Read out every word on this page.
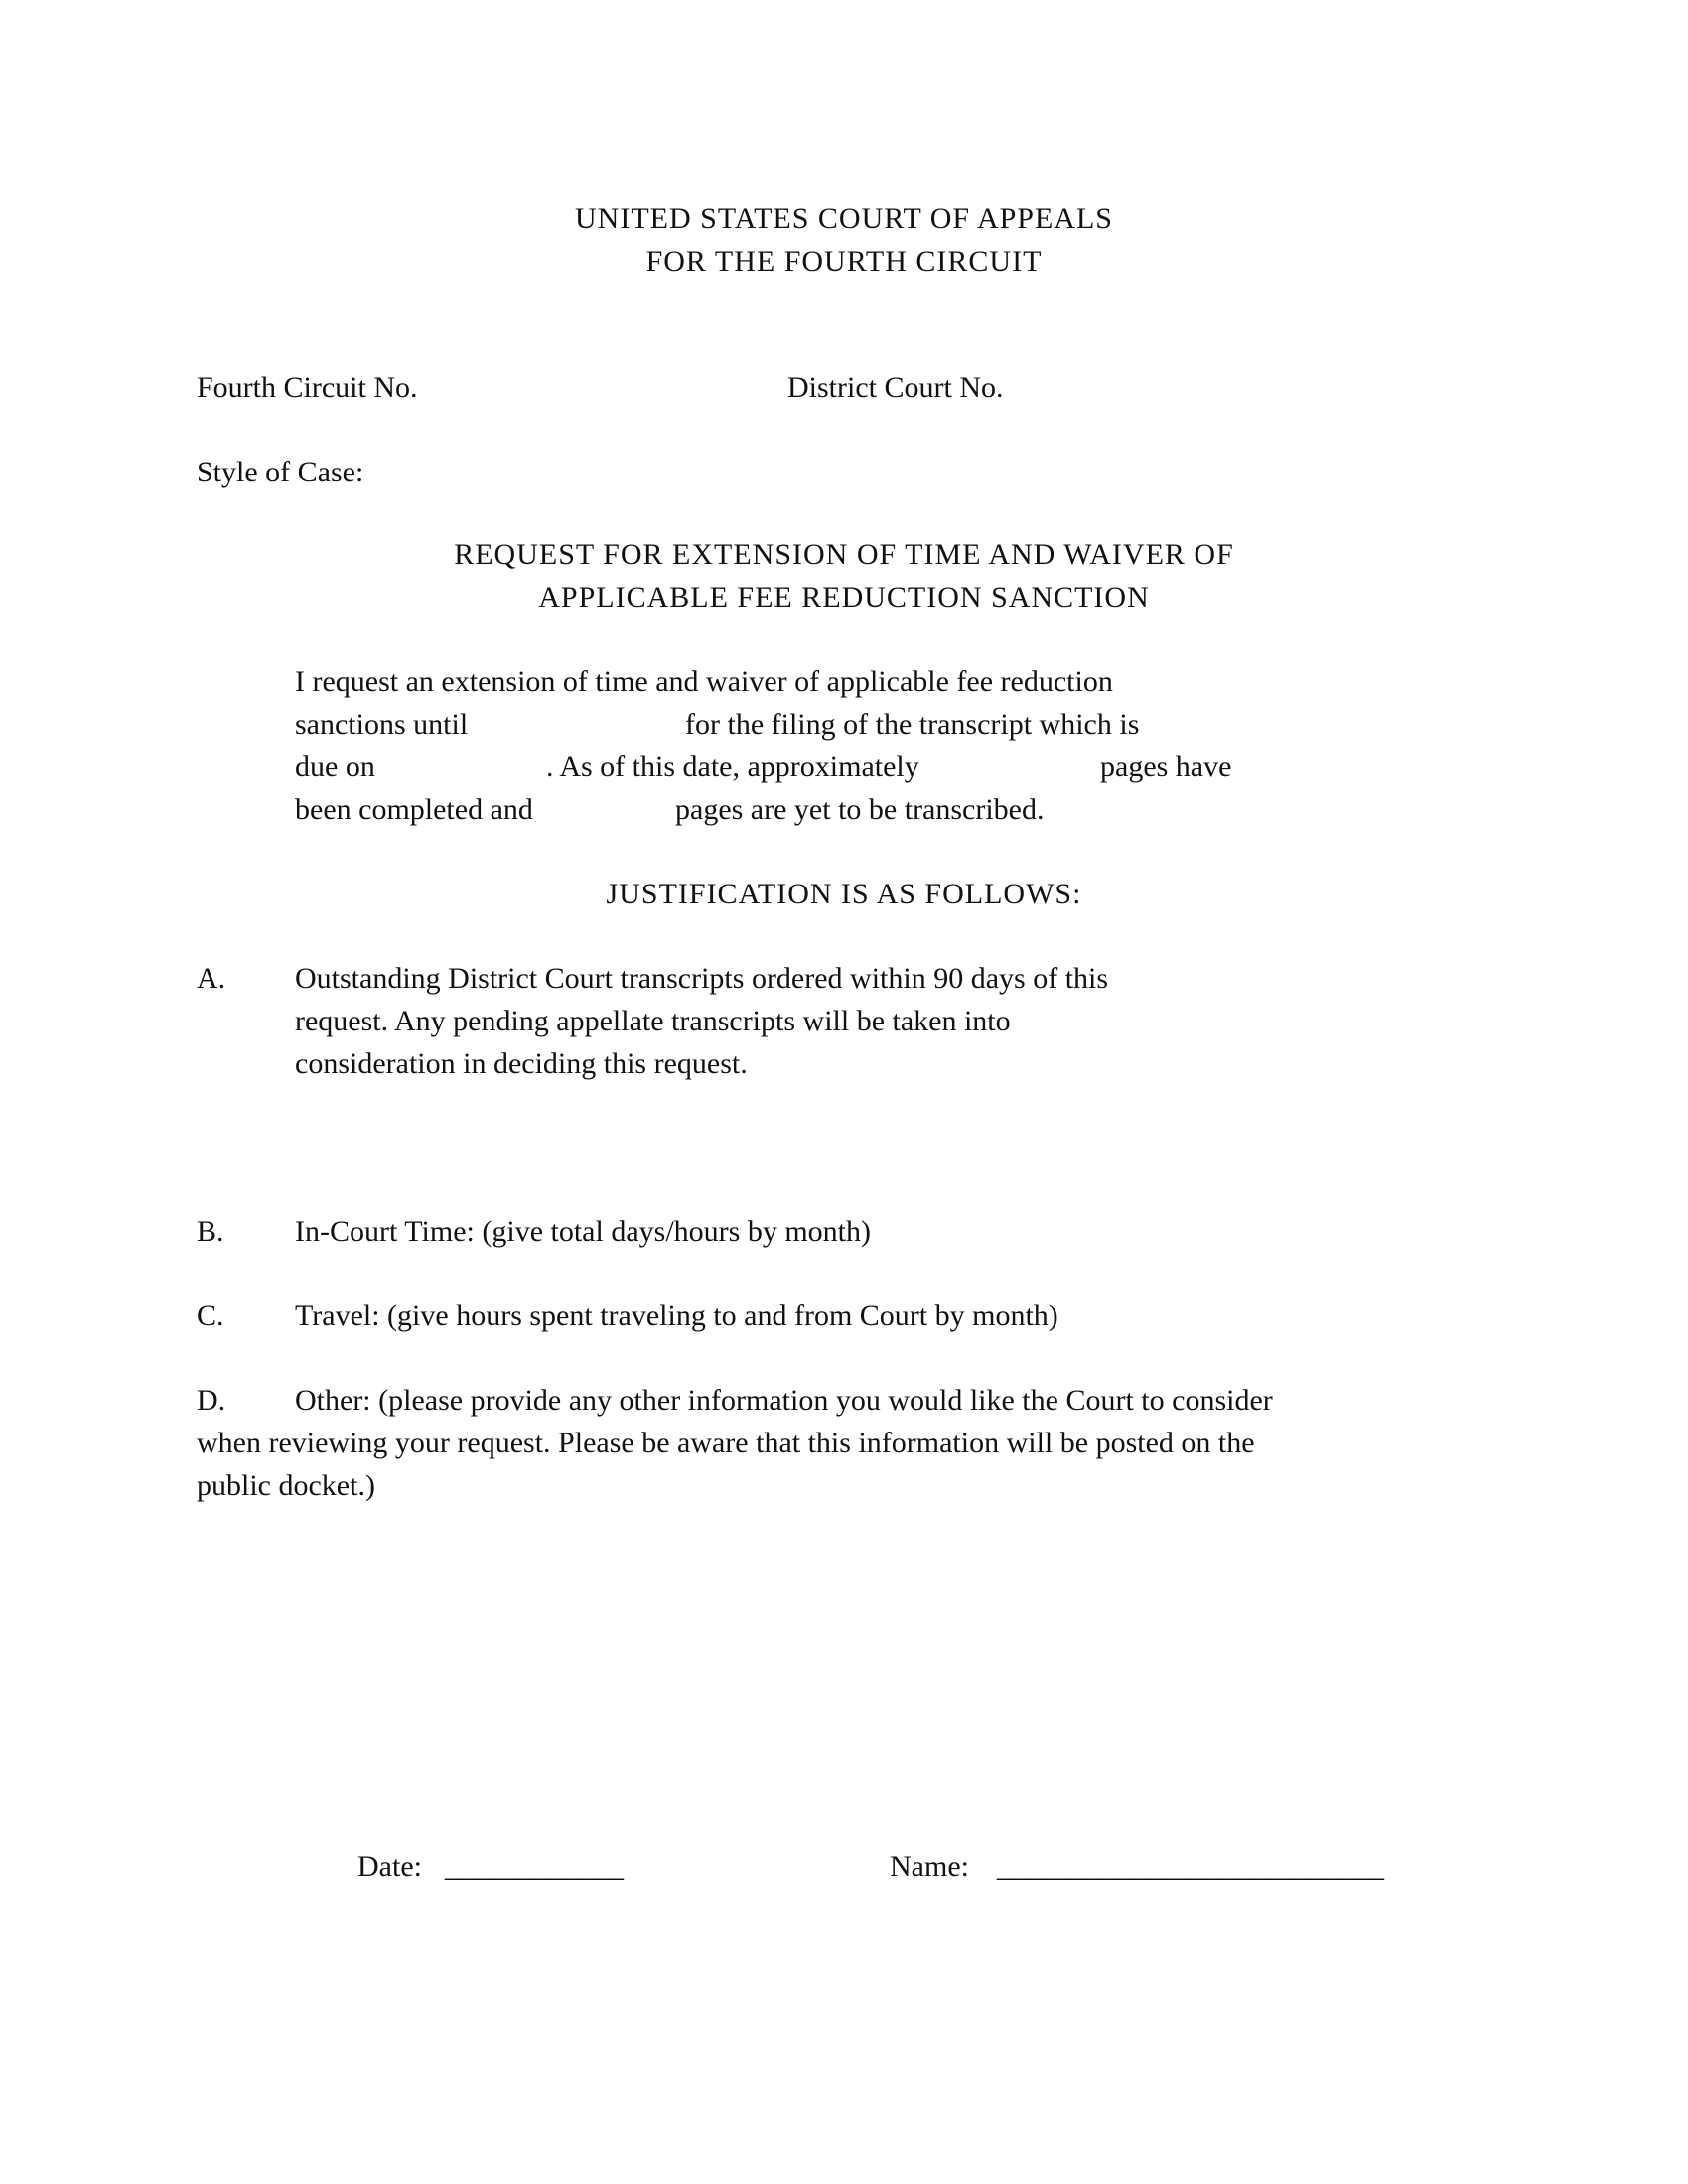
UNITED STATES COURT OF APPEALS
FOR THE FOURTH CIRCUIT
Fourth Circuit No.	District Court No.
Style of Case:
REQUEST FOR EXTENSION OF TIME AND WAIVER OF
APPLICABLE FEE REDUCTION SANCTION
I request an extension of time and waiver of applicable fee reduction
sanctions until	for the filing of the transcript which is
due on	. As of this date, approximately	pages have
been completed and	pages are yet to be transcribed.
JUSTIFICATION IS AS FOLLOWS:
A. Outstanding District Court transcripts ordered within 90 days of this
request. Any pending appellate transcripts will be taken into
consideration in deciding this request.
B. In-Court Time: (give total days/hours by month)
C. Travel: (give hours spent traveling to and from Court by month)
D. Other: (please provide any other information you would like the Court to consider
when reviewing your request. Please be aware that this information will be posted on the
public docket.)
Date: ____________	Name: __________________________
